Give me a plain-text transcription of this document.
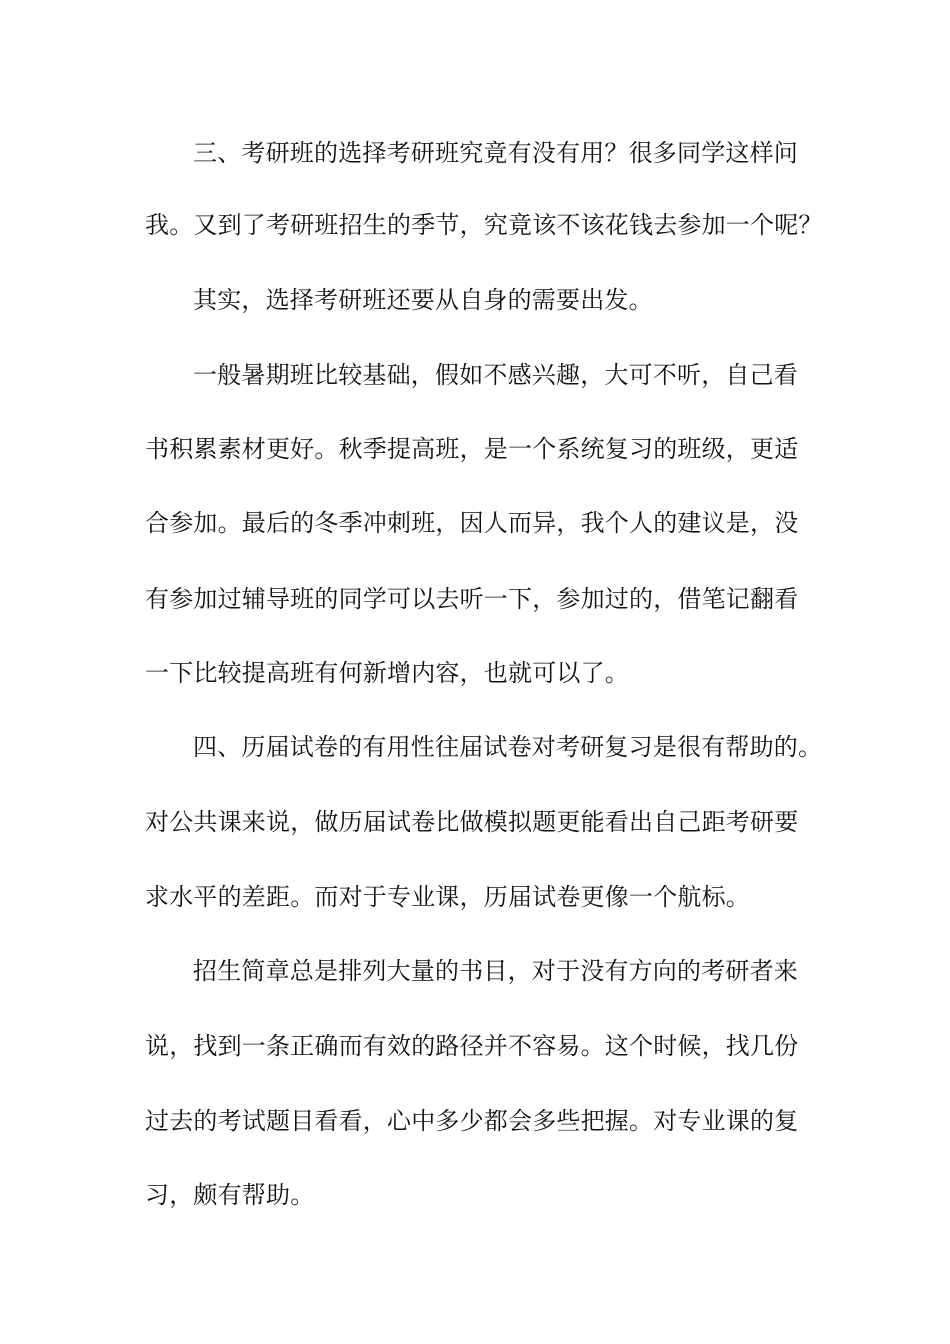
三、考研班的选择考研班究竟有没有用？很多同学这样问
我。又到了考研班招生的季节，究竟该不该花钱去参加一个呢？
其实，选择考研班还要从自身的需要出发。
一般暑期班比较基础，假如不感兴趣，大可不听，自己看
书积累素材更好。秋季提高班，是一个系统复习的班级，更适
合参加。最后的冬季冲刺班，因人而异，我个人的建议是，没
有参加过辅导班的同学可以去听一下，参加过的，借笔记翻看
一下比较提高班有何新增内容，也就可以了。
四、历届试卷的有用性往届试卷对考研复习是很有帮助的。
对公共课来说，做历届试卷比做模拟题更能看出自己距考研要
求水平的差距。而对于专业课，历届试卷更像一个航标。
招生简章总是排列大量的书目，对于没有方向的考研者来
说，找到一条正确而有效的路径并不容易。这个时候，找几份
过去的考试题目看看，心中多少都会多些把握。对专业课的复
习，颇有帮助。
